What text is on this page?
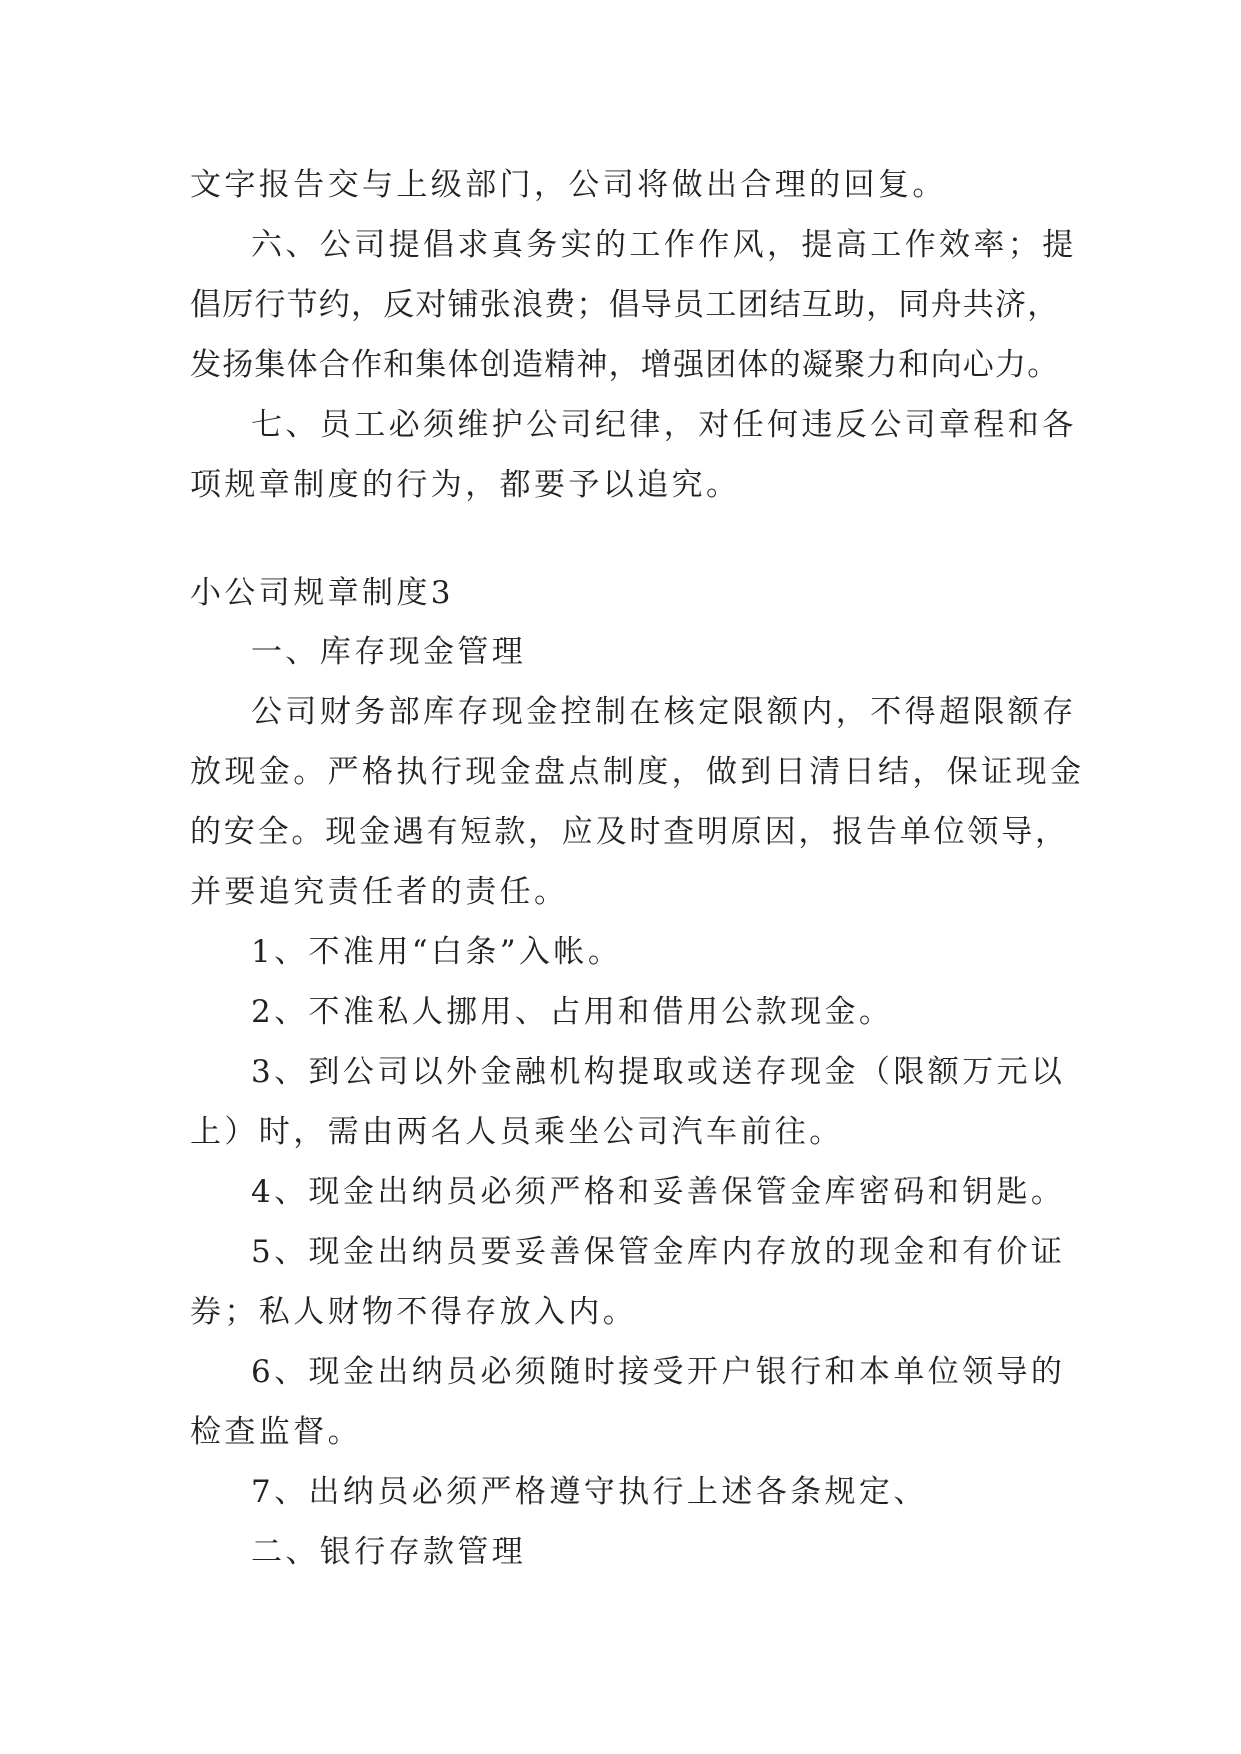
文字报告交与上级部门，公司将做出合理的回复。

六、公司提倡求真务实的工作作风，提高工作效率；提

倡厉行节约，反对铺张浪费；倡导员工团结互助，同舟共济，

发扬集体合作和集体创造精神，增强团体的凝聚力和向心力。

七、员工必须维护公司纪律，对任何违反公司章程和各

项规章制度的行为，都要予以追究。

小公司规章制度3

一、库存现金管理

公司财务部库存现金控制在核定限额内，不得超限额存

放现金。严格执行现金盘点制度，做到日清日结，保证现金

的安全。现金遇有短款，应及时查明原因，报告单位领导，

并要追究责任者的责任。

1、不准用“白条”入帐。

2、不准私人挪用、占用和借用公款现金。

3、到公司以外金融机构提取或送存现金（限额万元以

上）时，需由两名人员乘坐公司汽车前往。

4、现金出纳员必须严格和妥善保管金库密码和钥匙。

5、现金出纳员要妥善保管金库内存放的现金和有价证

券；私人财物不得存放入内。

6、现金出纳员必须随时接受开户银行和本单位领导的

检查监督。

7、出纳员必须严格遵守执行上述各条规定、

二、银行存款管理
